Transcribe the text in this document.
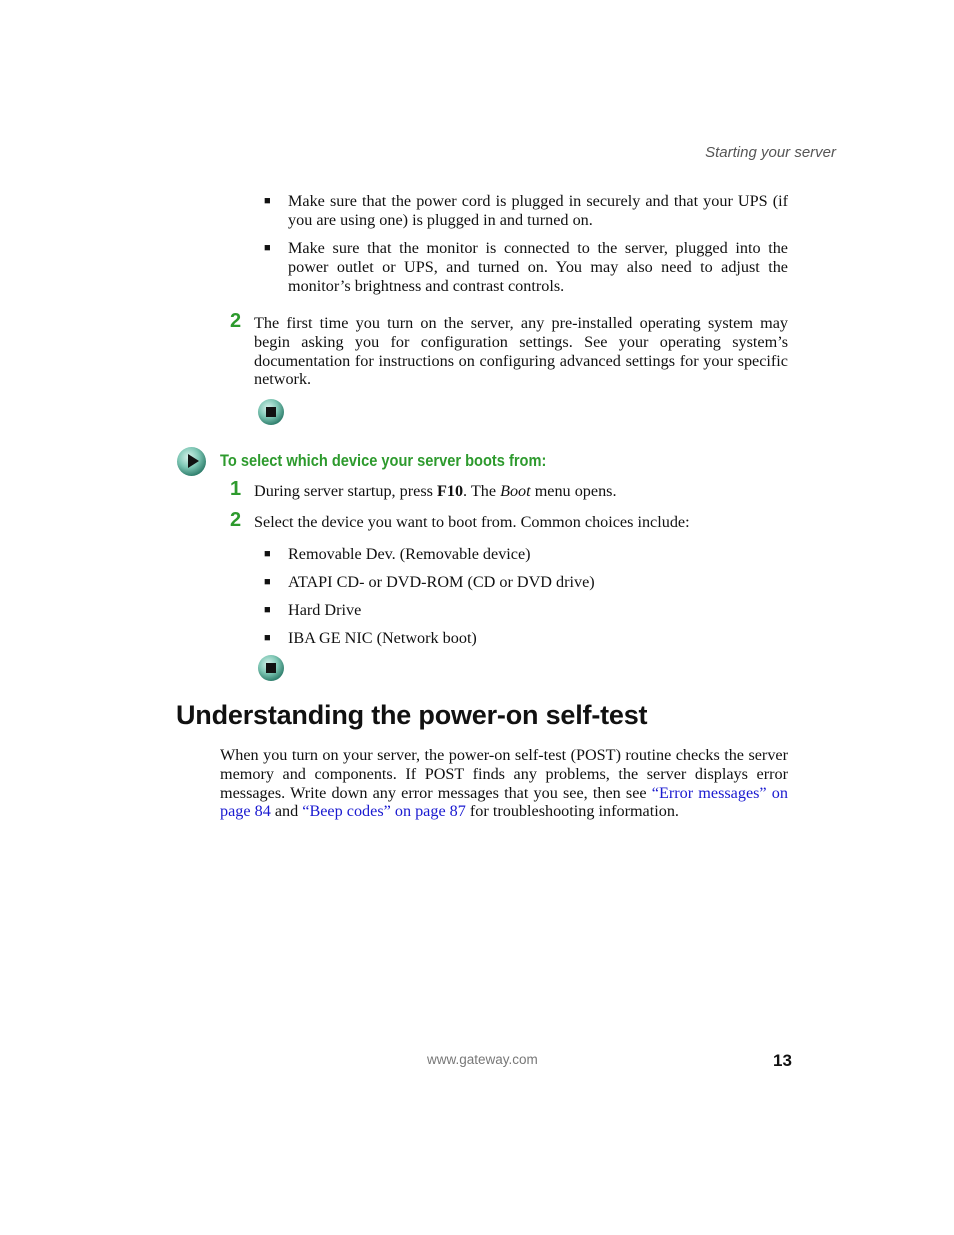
Starting your server
■ Make sure that the power cord is plugged in securely and that your UPS (if you are using one) is plugged in and turned on.
■ Make sure that the monitor is connected to the server, plugged into the power outlet or UPS, and turned on. You may also need to adjust the monitor’s brightness and contrast controls.
2 The first time you turn on the server, any pre-installed operating system may begin asking you for configuration settings. See your operating system’s documentation for instructions on configuring advanced settings for your specific network.
To select which device your server boots from:
1 During server startup, press F10. The Boot menu opens.
2 Select the device you want to boot from. Common choices include:
■ Removable Dev. (Removable device)
■ ATAPI CD- or DVD-ROM (CD or DVD drive)
■ Hard Drive
■ IBA GE NIC (Network boot)
Understanding the power-on self-test
When you turn on your server, the power-on self-test (POST) routine checks the server memory and components. If POST finds any problems, the server displays error messages. Write down any error messages that you see, then see “Error messages” on page 84 and “Beep codes” on page 87 for troubleshooting information.
www.gateway.com	13
